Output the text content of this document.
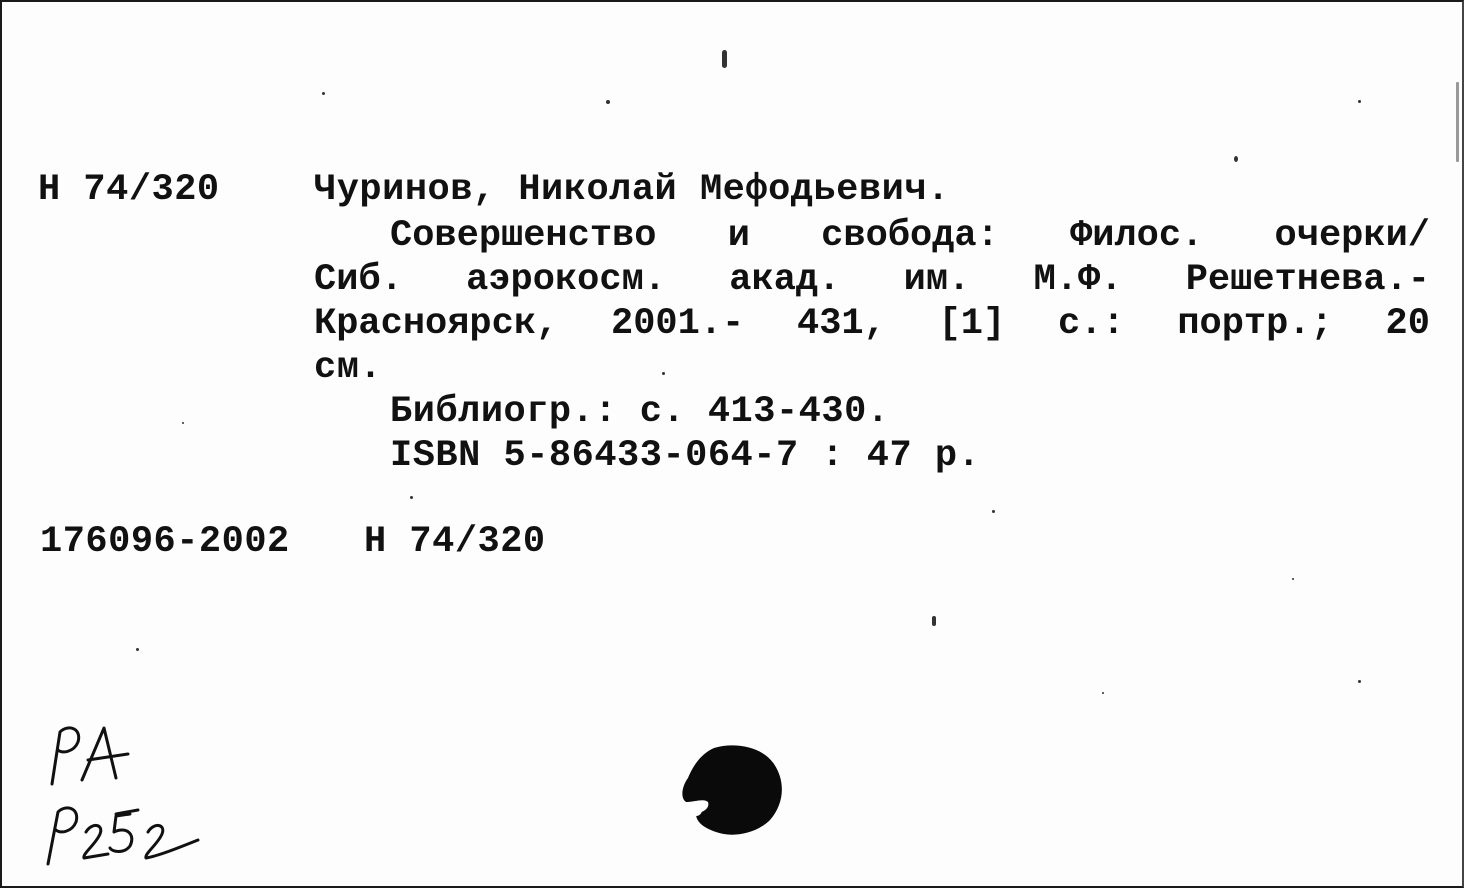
H 74/320	Чуринов, Николай Мефодьевич.
Совершенство и свобода: Филос. очерки/
Сиб. аэрокосм. акад. им. М.Ф. Решетнева.-
Красноярск, 2001.- 431, [1] с.: портр.; 20
см.
Библиогр.: с. 413-430.
ISBN 5-86433-064-7 : 47 р.
176096-2002 H 74/320
